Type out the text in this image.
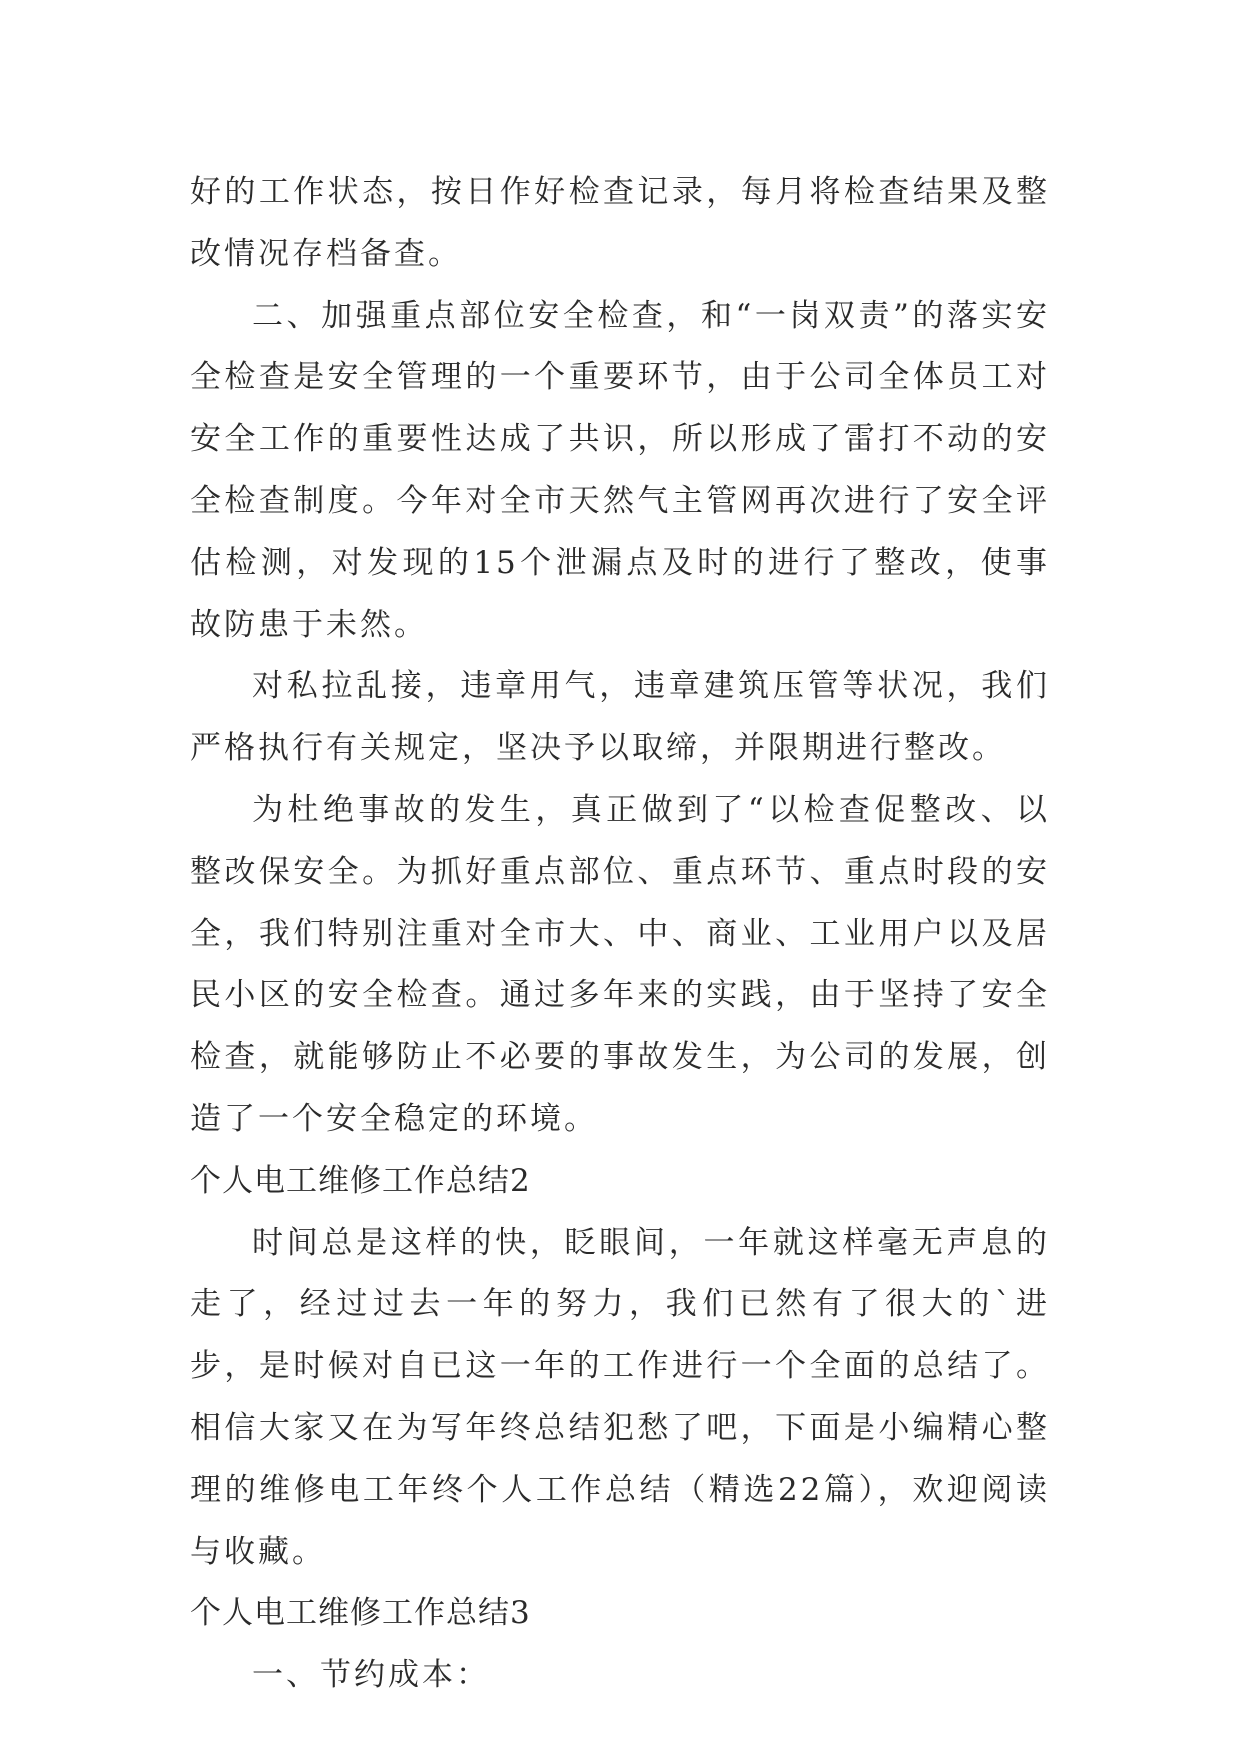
好的工作状态，按日作好检查记录，每月将检查结果及整改情况存档备查。

二、加强重点部位安全检查，和“一岗双责”的落实安全检查是安全管理的一个重要环节，由于公司全体员工对安全工作的重要性达成了共识，所以形成了雷打不动的安全检查制度。今年对全市天然气主管网再次进行了安全评估检测，对发现的15个泄漏点及时的进行了整改，使事故防患于未然。

对私拉乱接，违章用气，违章建筑压管等状况，我们严格执行有关规定，坚决予以取缔，并限期进行整改。

为杜绝事故的发生，真正做到了“以检查促整改、以整改保安全。为抓好重点部位、重点环节、重点时段的安全，我们特别注重对全市大、中、商业、工业用户以及居民小区的安全检查。通过多年来的实践，由于坚持了安全检查，就能够防止不必要的事故发生，为公司的发展，创造了一个安全稳定的环境。

个人电工维修工作总结2

时间总是这样的快，眨眼间，一年就这样毫无声息的走了，经过过去一年的努力，我们已然有了很大的`进步，是时候对自已这一年的工作进行一个全面的总结了。相信大家又在为写年终总结犯愁了吧，下面是小编精心整理的维修电工年终个人工作总结（精选22篇），欢迎阅读与收藏。

个人电工维修工作总结3

一、节约成本：
